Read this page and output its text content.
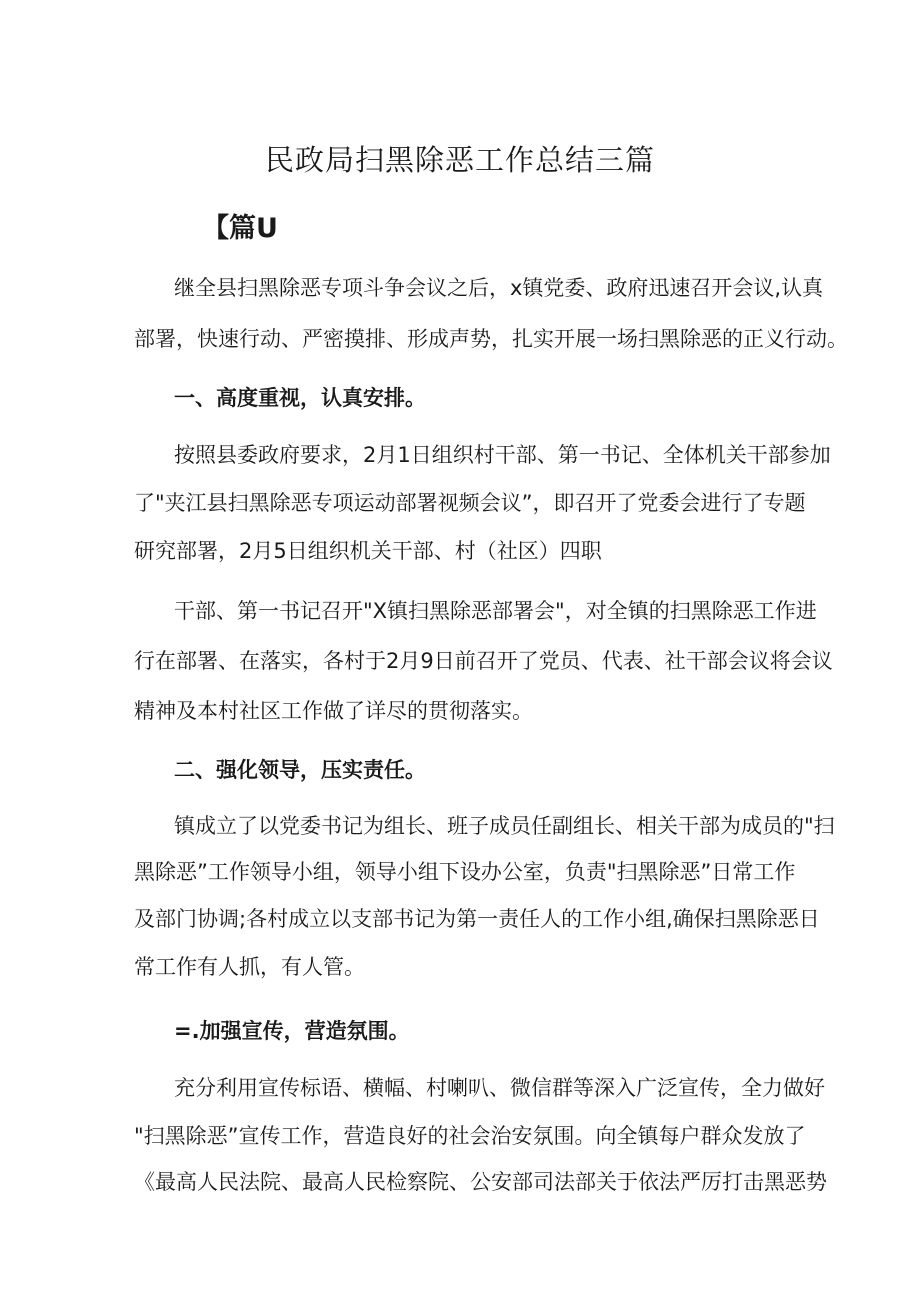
民政局扫黑除恶工作总结三篇
【篇U
继全县扫黑除恶专项斗争会议之后，x镇党委、政府迅速召开会议,认真
部署，快速行动、严密摸排、形成声势，扎实开展一场扫黑除恶的正义行动。
一、高度重视，认真安排。
按照县委政府要求，2月1日组织村干部、第一书记、全体机关干部参加
了"夹江县扫黑除恶专项运动部署视频会议”，即召开了党委会进行了专题
研究部署，2月5日组织机关干部、村（社区）四职
干部、第一书记召开"X镇扫黑除恶部署会"，对全镇的扫黑除恶工作进
行在部署、在落实，各村于2月9日前召开了党员、代表、社干部会议将会议
精神及本村社区工作做了详尽的贯彻落实。
二、强化领导，压实责任。
镇成立了以党委书记为组长、班子成员任副组长、相关干部为成员的"扫
黑除恶”工作领导小组，领导小组下设办公室，负责"扫黑除恶”日常工作
及部门协调;各村成立以支部书记为第一责任人的工作小组,确保扫黑除恶日
常工作有人抓，有人管。
=.加强宣传，营造氛围。
充分利用宣传标语、横幅、村喇叭、微信群等深入广泛宣传，全力做好
"扫黑除恶”宣传工作，营造良好的社会治安氛围。向全镇每户群众发放了
《最高人民法院、最高人民检察院、公安部司法部关于依法严厉打击黑恶势
